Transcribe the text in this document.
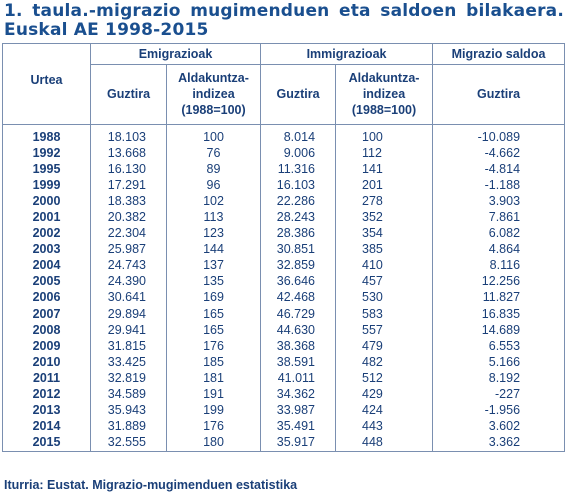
1. taula.-migrazio mugimenduen eta saldoen bilakaera. Euskal AE 1998-2015
Urtea	Emigrazioak		Immigrazioak		Migrazio saldoa
	Guztira	Aldakuntza-indizea (1988=100)	Guztira	Aldakuntza-indizea (1988=100)	Guztira
1988	18.103	100	8.014	100	-10.089
1992	13.668	76	9.006	112	-4.662
1995	16.130	89	11.316	141	-4.814
1999	17.291	96	16.103	201	-1.188
2000	18.383	102	22.286	278	3.903
2001	20.382	113	28.243	352	7.861
2002	22.304	123	28.386	354	6.082
2003	25.987	144	30.851	385	4.864
2004	24.743	137	32.859	410	8.116
2005	24.390	135	36.646	457	12.256
2006	30.641	169	42.468	530	11.827
2007	29.894	165	46.729	583	16.835
2008	29.941	165	44.630	557	14.689
2009	31.815	176	38.368	479	6.553
2010	33.425	185	38.591	482	5.166
2011	32.819	181	41.011	512	8.192
2012	34.589	191	34.362	429	-227
2013	35.943	199	33.987	424	-1.956
2014	31.889	176	35.491	443	3.602
2015	32.555	180	35.917	448	3.362
Iturria: Eustat. Migrazio-mugimenduen estatistika
